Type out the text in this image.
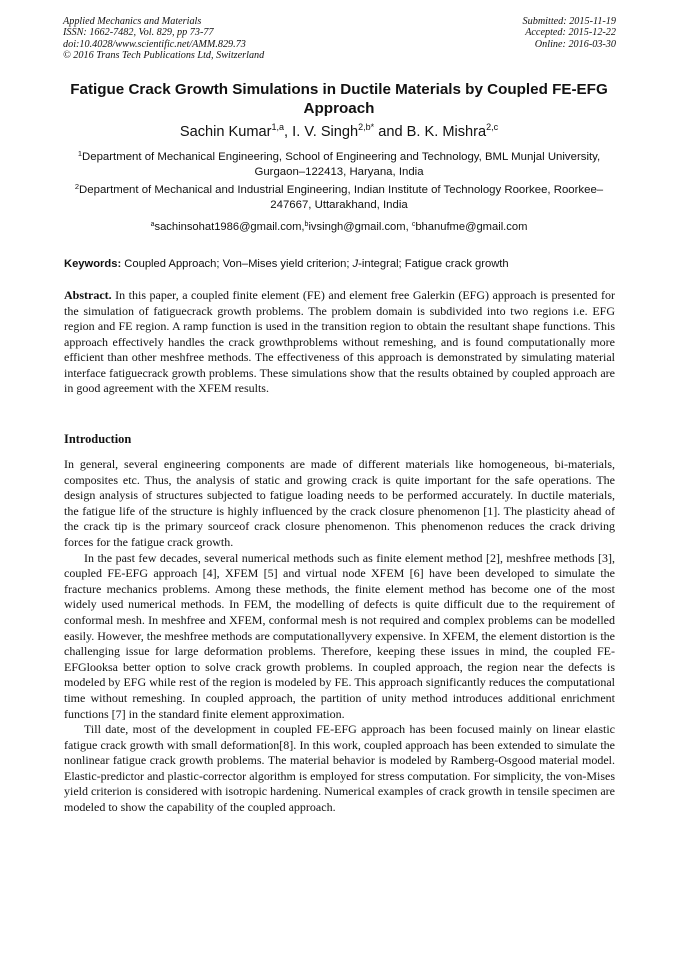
Applied Mechanics and Materials
ISSN: 1662-7482, Vol. 829, pp 73-77
doi:10.4028/www.scientific.net/AMM.829.73
© 2016 Trans Tech Publications Ltd, Switzerland
Submitted: 2015-11-19
Accepted: 2015-12-22
Online: 2016-03-30
Fatigue Crack Growth Simulations in Ductile Materials by Coupled FE-EFG Approach
Sachin Kumar$^{1,a}$, I. V. Singh$^{2,b*}$ and B. K. Mishra$^{2,c}$
$^1$Department of Mechanical Engineering, School of Engineering and Technology, BML Munjal University, Gurgaon–122413, Haryana, India
$^2$Department of Mechanical and Industrial Engineering, Indian Institute of Technology Roorkee, Roorkee–247667, Uttarakhand, India
$^a$sachinsohat1986@gmail.com,$^b$ivsingh@gmail.com, $^c$bhanufme@gmail.com
Keywords: Coupled Approach; Von–Mises yield criterion; J-integral; Fatigue crack growth
Abstract. In this paper, a coupled finite element (FE) and element free Galerkin (EFG) approach is presented for the simulation of fatiguecrack growth problems. The problem domain is subdivided into two regions i.e. EFG region and FE region. A ramp function is used in the transition region to obtain the resultant shape functions. This approach effectively handles the crack growthproblems without remeshing, and is found computationally more efficient than other meshfree methods. The effectiveness of this approach is demonstrated by simulating material interface fatiguecrack growth problems. These simulations show that the results obtained by coupled approach are in good agreement with the XFEM results.
Introduction

In general, several engineering components are made of different materials like homogeneous, bi-materials, composites etc. Thus, the analysis of static and growing crack is quite important for the safe operations. The design analysis of structures subjected to fatigue loading needs to be performed accurately. In ductile materials, the fatigue life of the structure is highly influenced by the crack closure phenomenon [1]. The plasticity ahead of the crack tip is the primary sourceof crack closure phenomenon. This phenomenon reduces the crack driving forces for the fatigue crack growth.

In the past few decades, several numerical methods such as finite element method [2], meshfree methods [3], coupled FE-EFG approach [4], XFEM [5] and virtual node XFEM [6] have been developed to simulate the fracture mechanics problems. Among these methods, the finite element method has become one of the most widely used numerical methods. In FEM, the modelling of defects is quite difficult due to the requirement of conformal mesh. In meshfree and XFEM, conformal mesh is not required and complex problems can be modelled easily. However, the meshfree methods are computationallyvery expensive. In XFEM, the element distortion is the challenging issue for large deformation problems. Therefore, keeping these issues in mind, the coupled FE-EFGlooksa better option to solve crack growth problems. In coupled approach, the region near the defects is modeled by EFG while rest of the region is modeled by FE. This approach significantly reduces the computational time without remeshing. In coupled approach, the partition of unity method introduces additional enrichment functions [7] in the standard finite element approximation.

Till date, most of the development in coupled FE-EFG approach has been focused mainly on linear elastic fatigue crack growth with small deformation[8]. In this work, coupled approach has been extended to simulate the nonlinear fatigue crack growth problems. The material behavior is modeled by Ramberg-Osgood material model. Elastic-predictor and plastic-corrector algorithm is employed for stress computation. For simplicity, the von-Mises yield criterion is considered with isotropic hardening. Numerical examples of crack growth in tensile specimen are modeled to show the capability of the coupled approach.
